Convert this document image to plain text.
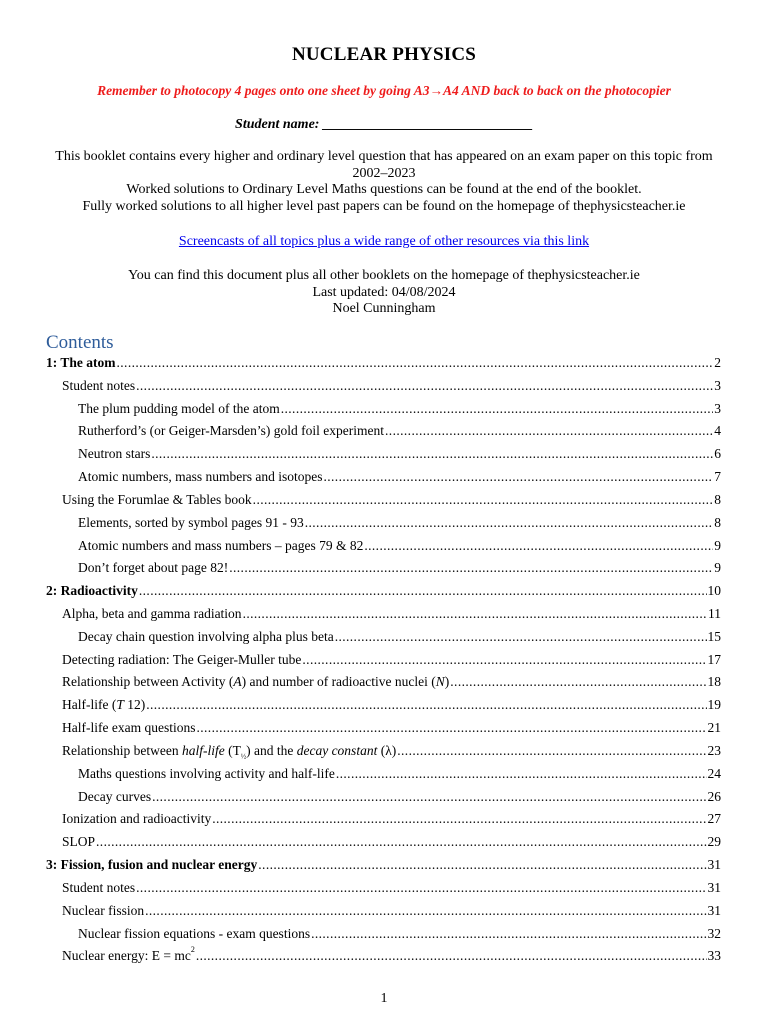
NUCLEAR PHYSICS
Remember to photocopy 4 pages onto one sheet by going A3→A4 AND back to back on the photocopier
Student name: ______________________________

This booklet contains every higher and ordinary level question that has appeared on an exam paper on this topic from 2002–2023

Worked solutions to Ordinary Level Maths questions can be found at the end of the booklet.

Fully worked solutions to all higher level past papers can be found on the homepage of thephysicsteacher.ie

Screencasts of all topics plus a wide range of other resources via this link

You can find this document plus all other booklets on the homepage of thephysicsteacher.ie

Last updated: 04/08/2024

Noel Cunningham

Contents
1: The atom .....	2
Student notes .....	3
The plum pudding model of the atom .....	3
Rutherford’s (or Geiger-Marsden’s) gold foil experiment .....	4
Neutron stars .....	6
Atomic numbers, mass numbers and isotopes .....	7
Using the Forumlae & Tables book .....	8
Elements, sorted by symbol pages 91 - 93 .....	8
Atomic numbers and mass numbers – pages 79 & 82 .....	9
Don’t forget about page 82! .....	9
2: Radioactivity .....	10
Alpha, beta and gamma radiation .....	11
Decay chain question involving alpha plus beta .....	15
Detecting radiation: The Geiger-Muller tube .....	17
Relationship between Activity (A) and number of radioactive nuclei (N) .....	18
Half-life (T 12) .....	19
Half-life exam questions .....	21
Relationship between half-life $(T_{\frac{1}{2}})$ and the decay constant (λ) .....	23
Maths questions involving activity and half-life .....	24
Decay curves .....	26
Ionization and radioactivity .....	27
SLOP .....	29
3: Fission, fusion and nuclear energy .....	31
Student notes .....	31
Nuclear fission .....	31
Nuclear fission equations - exam questions .....	32
Nuclear energy: $E = mc^2$ .....	33
1
